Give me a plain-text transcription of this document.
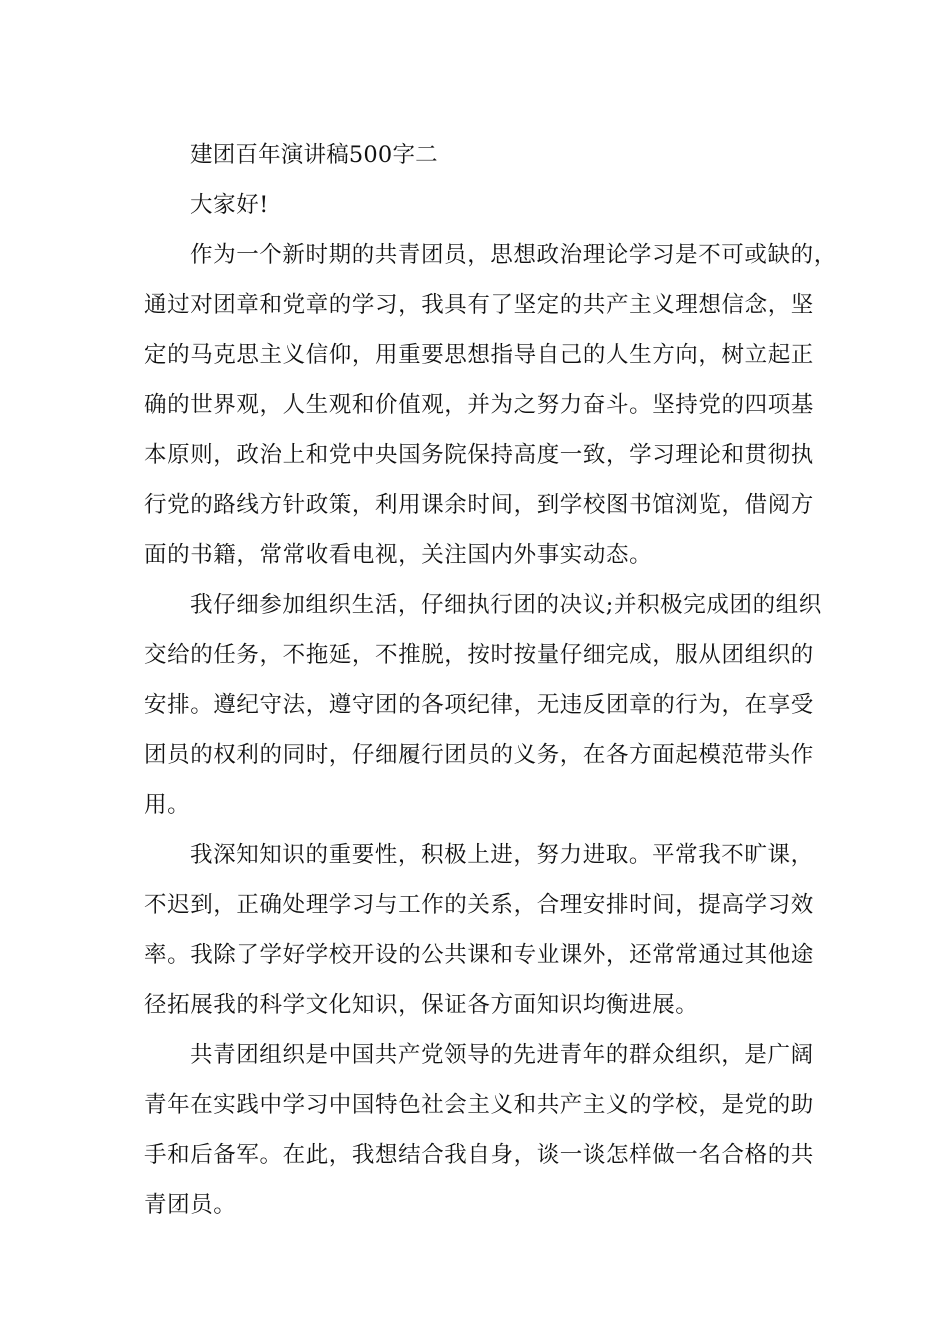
建团百年演讲稿500字二
大家好!
作为一个新时期的共青团员，思想政治理论学习是不可或缺的，
通过对团章和党章的学习，我具有了坚定的共产主义理想信念，坚
定的马克思主义信仰，用重要思想指导自己的人生方向，树立起正
确的世界观，人生观和价值观，并为之努力奋斗。坚持党的四项基
本原则，政治上和党中央国务院保持高度一致，学习理论和贯彻执
行党的路线方针政策，利用课余时间，到学校图书馆浏览，借阅方
面的书籍，常常收看电视，关注国内外事实动态。
我仔细参加组织生活，仔细执行团的决议;并积极完成团的组织
交给的任务，不拖延，不推脱，按时按量仔细完成，服从团组织的
安排。遵纪守法，遵守团的各项纪律，无违反团章的行为，在享受
团员的权利的同时，仔细履行团员的义务，在各方面起模范带头作
用。
我深知知识的重要性，积极上进，努力进取。平常我不旷课，
不迟到，正确处理学习与工作的关系，合理安排时间，提高学习效
率。我除了学好学校开设的公共课和专业课外，还常常通过其他途
径拓展我的科学文化知识，保证各方面知识均衡进展。
共青团组织是中国共产党领导的先进青年的群众组织，是广阔
青年在实践中学习中国特色社会主义和共产主义的学校，是党的助
手和后备军。在此，我想结合我自身，谈一谈怎样做一名合格的共
青团员。
